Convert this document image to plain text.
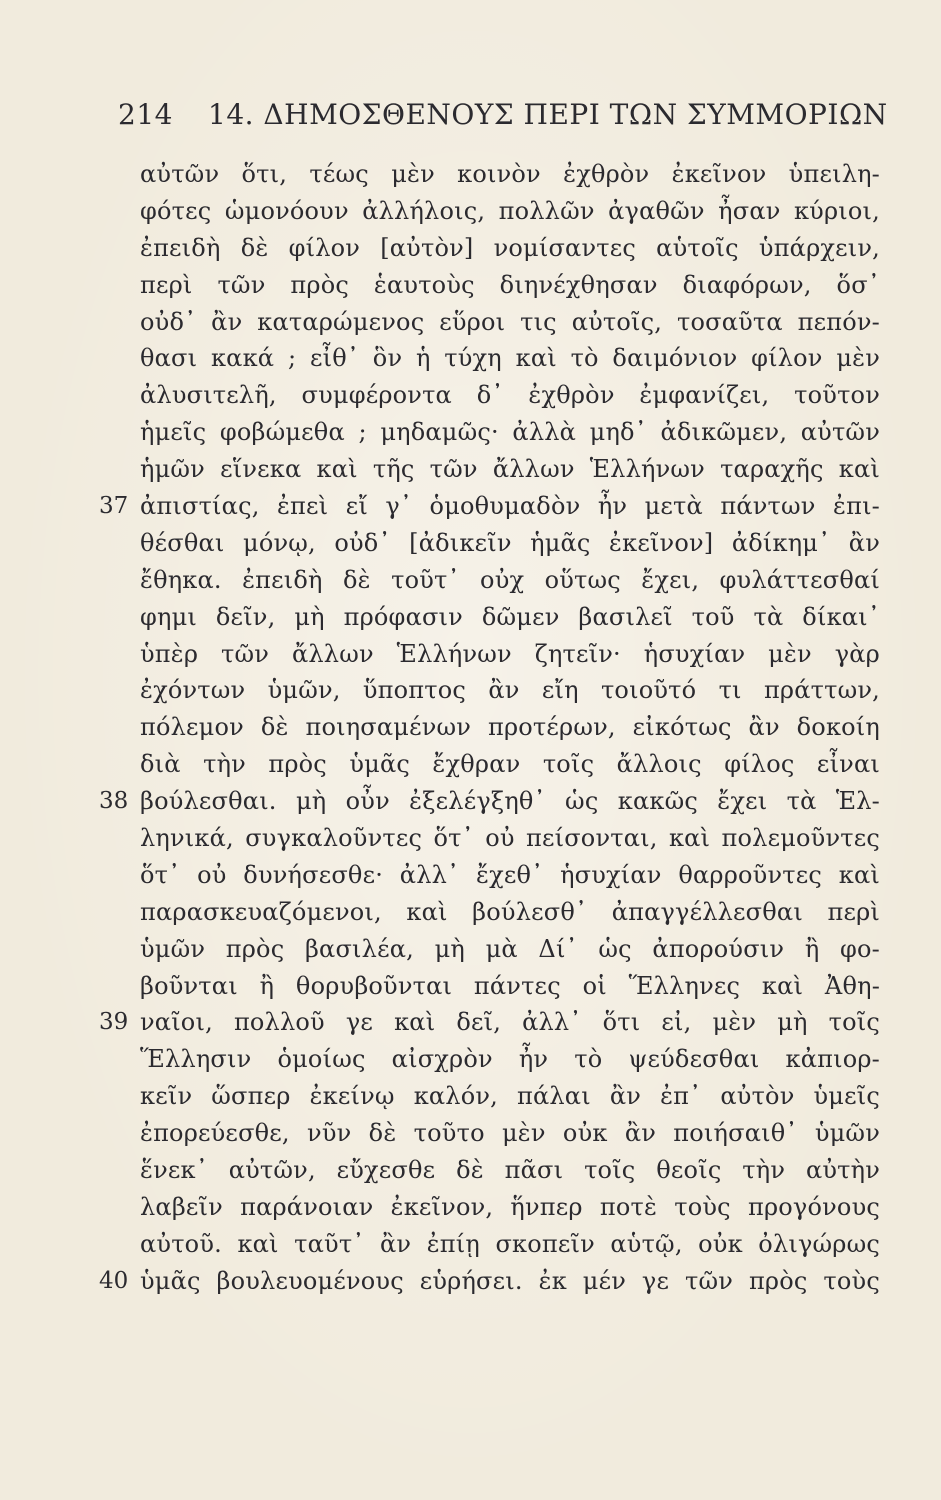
214 14. ΔΗΜΟΣΘΕΝΟΥΣ ΠΕΡΙ ΤΩΝ ΣΥΜΜΟΡΙΩΝ
αὐτῶν ὅτι, τέως μὲν κοινὸν ἐχθρὸν ἐκεῖνον ὑπειλη-
φότες ὡμονόουν ἀλλήλοις, πολλῶν ἀγαθῶν ἦσαν κύριοι,
ἐπειδὴ δὲ φίλον [αὐτὸν] νομίσαντες αὑτοῖς ὑπάρχειν,
περὶ τῶν πρὸς ἑαυτοὺς διηνέχθησαν διαφόρων, ὅσ᾽
οὐδ᾽ ἂν καταρώμενος εὕροι τις αὐτοῖς, τοσαῦτα πεπόν-
θασι κακά ; εἶθ᾽ ὃν ἡ τύχη καὶ τὸ δαιμόνιον φίλον μὲν
ἀλυσιτελῆ, συμφέροντα δ᾽ ἐχθρὸν ἐμφανίζει, τοῦτον
ἡμεῖς φοβώμεθα ; μηδαμῶς· ἀλλὰ μηδ᾽ ἀδικῶμεν, αὐτῶν
ἡμῶν εἵνεκα καὶ τῆς τῶν ἄλλων Ἑλλήνων ταραχῆς καὶ
37 ἀπιστίας, ἐπεὶ εἴ γ᾽ ὁμοθυμαδὸν ἦν μετὰ πάντων ἐπι-
θέσθαι μόνῳ, οὐδ᾽ [ἀδικεῖν ἡμᾶς ἐκεῖνον] ἀδίκημ᾽ ἂν
ἔθηκα. ἐπειδὴ δὲ τοῦτ᾽ οὐχ οὕτως ἔχει, φυλάττεσθαί
φημι δεῖν, μὴ πρόφασιν δῶμεν βασιλεῖ τοῦ τὰ δίκαι᾽
ὑπὲρ τῶν ἄλλων Ἑλλήνων ζητεῖν· ἡσυχίαν μὲν γὰρ
ἐχόντων ὑμῶν, ὕποπτος ἂν εἴη τοιοῦτό τι πράττων,
πόλεμον δὲ ποιησαμένων προτέρων, εἰκότως ἂν δοκοίη
διὰ τὴν πρὸς ὑμᾶς ἔχθραν τοῖς ἄλλοις φίλος εἶναι
38 βούλεσθαι. μὴ οὖν ἐξελέγξηθ᾽ ὡς κακῶς ἔχει τὰ Ἑλ-
ληνικά, συγκαλοῦντες ὅτ᾽ οὐ πείσονται, καὶ πολεμοῦντες
ὅτ᾽ οὐ δυνήσεσθε· ἀλλ᾽ ἔχεθ᾽ ἡσυχίαν θαρροῦντες καὶ
παρασκευαζόμενοι, καὶ βούλεσθ᾽ ἀπαγγέλλεσθαι περὶ
ὑμῶν πρὸς βασιλέα, μὴ μὰ Δί᾽ ὡς ἀπορούσιν ἢ φο-
βοῦνται ἢ θορυβοῦνται πάντες οἱ Ἕλληνες καὶ Ἀθη-
39 ναῖοι, πολλοῦ γε καὶ δεῖ, ἀλλ᾽ ὅτι εἰ, μὲν μὴ τοῖς
Ἕλλησιν ὁμοίως αἰσχρὸν ἦν τὸ ψεύδεσθαι κἀπιορ-
κεῖν ὥσπερ ἐκείνῳ καλόν, πάλαι ἂν ἐπ᾽ αὐτὸν ὑμεῖς
ἐπορεύεσθε, νῦν δὲ τοῦτο μὲν οὐκ ἂν ποιήσαιθ᾽ ὑμῶν
ἕνεκ᾽ αὐτῶν, εὔχεσθε δὲ πᾶσι τοῖς θεοῖς τὴν αὐτὴν
λαβεῖν παράνοιαν ἐκεῖνον, ἥνπερ ποτὲ τοὺς προγόνους
αὐτοῦ. καὶ ταῦτ᾽ ἂν ἐπίῃ σκοπεῖν αὑτῷ, οὐκ ὀλιγώρως
40 ὑμᾶς βουλευομένους εὑρήσει. ἐκ μέν γε τῶν πρὸς τοὺς
